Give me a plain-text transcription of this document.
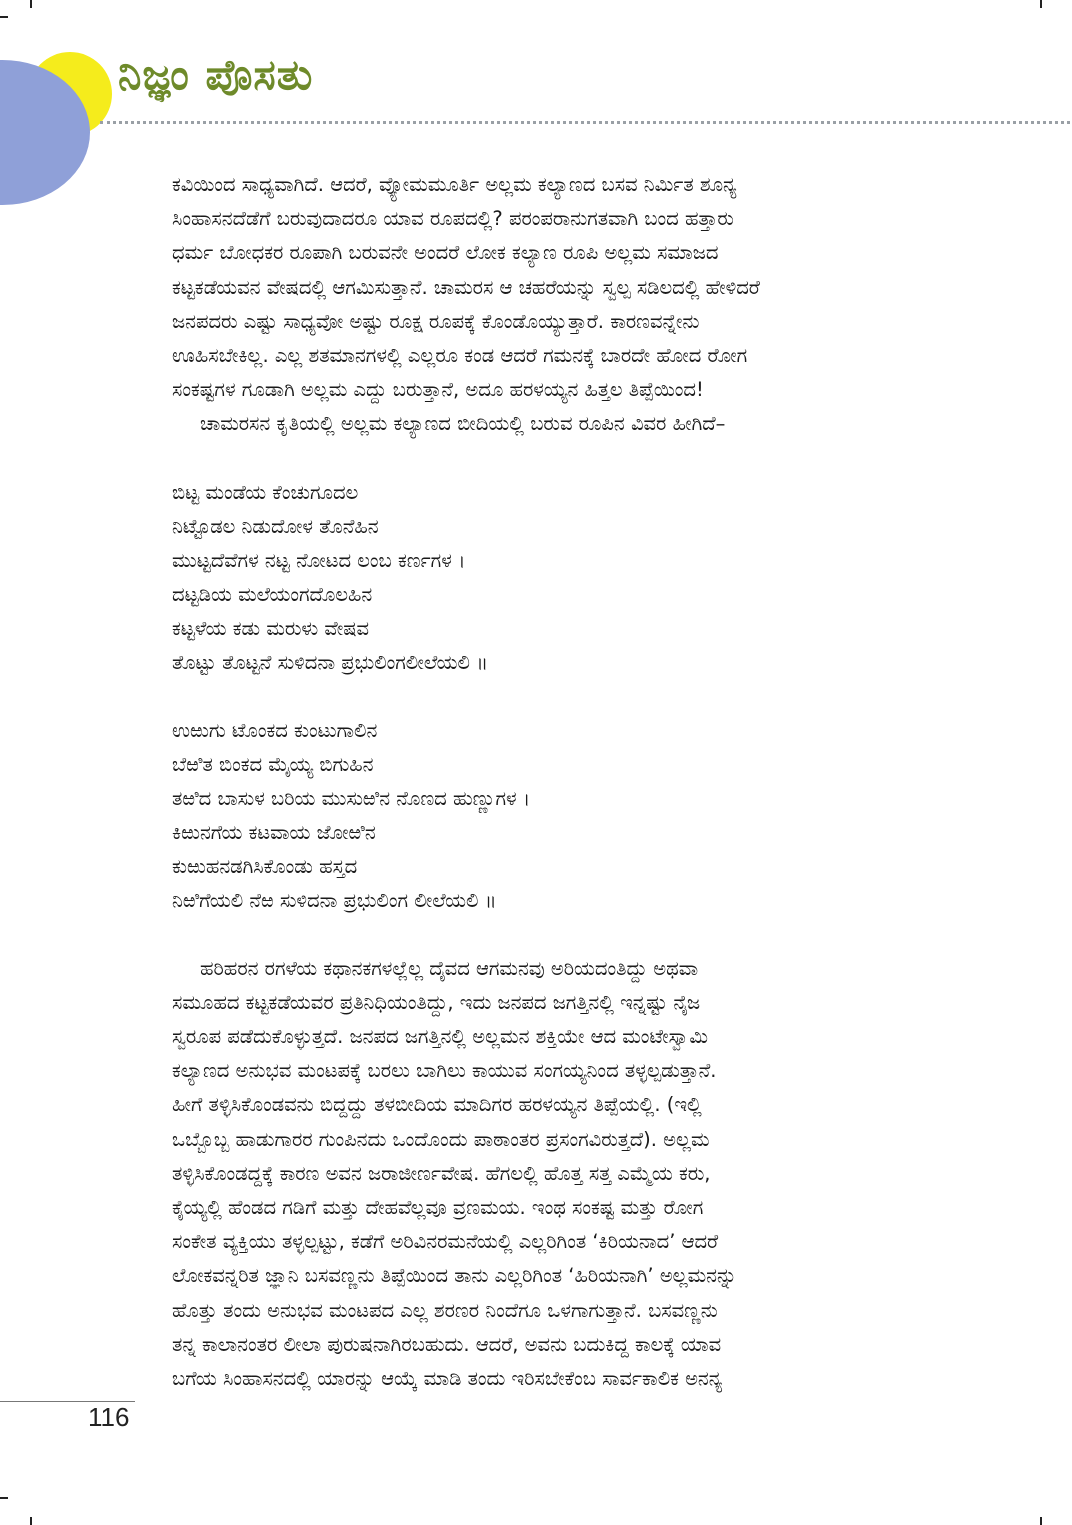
ನಿಜ್ಞಂ ಪೊಸತು

ಕವಿಯಿಂದ ಸಾಧ್ಯವಾಗಿದೆ. ಆದರೆ, ವ್ಯೋಮಮೂರ್ತಿ ಅಲ್ಲಮ ಕಲ್ಯಾಣದ ಬಸವ ನಿರ್ಮಿತ ಶೂನ್ಯ
ಸಿಂಹಾಸನದೆಡೆಗೆ ಬರುವುದಾದರೂ ಯಾವ ರೂಪದಲ್ಲಿ? ಪರಂಪರಾನುಗತವಾಗಿ ಬಂದ ಹತ್ತಾರು
ಧರ್ಮ ಬೋಧಕರ ರೂಪಾಗಿ ಬರುವನೇ ಅಂದರೆ ಲೋಕ ಕಲ್ಯಾಣ ರೂಪಿ ಅಲ್ಲಮ ಸಮಾಜದ
ಕಟ್ಟಕಡೆಯವನ ವೇಷದಲ್ಲಿ ಆಗಮಿಸುತ್ತಾನೆ. ಚಾಮರಸ ಆ ಚಹರೆಯನ್ನು ಸ್ವಲ್ಪ ಸಡಿಲದಲ್ಲಿ ಹೇಳಿದರೆ
ಜನಪದರು ಎಷ್ಟು ಸಾಧ್ಯವೋ ಅಷ್ಟು ರೂಕ್ಷ ರೂಪಕ್ಕೆ ಕೊಂಡೊಯ್ಯುತ್ತಾರೆ. ಕಾರಣವನ್ನೇನು
ಊಹಿಸಬೇಕಿಲ್ಲ. ಎಲ್ಲ ಶತಮಾನಗಳಲ್ಲಿ ಎಲ್ಲರೂ ಕಂಡ ಆದರೆ ಗಮನಕ್ಕೆ ಬಾರದೇ ಹೋದ ರೋಗ
ಸಂಕಷ್ಟಗಳ ಗೂಡಾಗಿ ಅಲ್ಲಮ ಎದ್ದು ಬರುತ್ತಾನೆ, ಅದೂ ಹರಳಯ್ಯನ ಹಿತ್ತಲ ತಿಪ್ಪೆಯಿಂದ!

ಚಾಮರಸನ ಕೃತಿಯಲ್ಲಿ ಅಲ್ಲಮ ಕಲ್ಯಾಣದ ಬೀದಿಯಲ್ಲಿ ಬರುವ ರೂಪಿನ ವಿವರ ಹೀಗಿದೆ–

ಬಿಟ್ಟ ಮಂಡೆಯ ಕೆಂಚುಗೂದಲ
ನಿಟ್ಟೊಡಲ ನಿಡುದೋಳ ತೊನೆಹಿನ
ಮುಟ್ಟದೆವೆಗಳ ನಟ್ಟ ನೋಟದ ಲಂಬ ಕರ್ಣಗಳ ।
ದಟ್ಟಡಿಯ ಮಲೆಯಂಗದೊಲಹಿನ
ಕಟ್ಟಳೆಯ ಕಡು ಮರುಳು ವೇಷವ
ತೊಟ್ಟು ತೊಟ್ಟನೆ ಸುಳಿದನಾ ಪ್ರಭುಲಿಂಗಲೀಲೆಯಲಿ ॥
ಉಱುಗು ಟೊಂಕದ ಕುಂಟುಗಾಲಿನ
ಬೆಱಿತ ಬಿಂಕದ ಮೈಯ್ಯ ಬಿಗುಹಿನ
ತಱಿದ ಬಾಸುಳ ಬರಿಯ ಮುಸುಱಿನ ನೊಣದ ಹುಣ್ಣುಗಳ ।
ಕಿಱುನಗೆಯ ಕಟವಾಯ ಜೋಱಿನ
ಕುಱುಹನಡಗಿಸಿಕೊಂಡು ಹಸ್ತದ
ನಿಱಿಗೆಯಲಿ ನೆಱ ಸುಳಿದನಾ ಪ್ರಭುಲಿಂಗ ಲೀಲೆಯಲಿ ॥

ಹರಿಹರನ ರಗಳೆಯ ಕಥಾನಕಗಳಲ್ಲೆಲ್ಲ ದೈವದ ಆಗಮನವು ಅರಿಯದಂತಿದ್ದು ಅಥವಾ
ಸಮೂಹದ ಕಟ್ಟಕಡೆಯವರ ಪ್ರತಿನಿಧಿಯಂತಿದ್ದು, ಇದು ಜನಪದ ಜಗತ್ತಿನಲ್ಲಿ ಇನ್ನಷ್ಟು ನೈಜ
ಸ್ವರೂಪ ಪಡೆದುಕೊಳ್ಳುತ್ತದೆ. ಜನಪದ ಜಗತ್ತಿನಲ್ಲಿ ಅಲ್ಲಮನ ಶಕ್ತಿಯೇ ಆದ ಮಂಟೇಸ್ವಾಮಿ
ಕಲ್ಯಾಣದ ಅನುಭವ ಮಂಟಪಕ್ಕೆ ಬರಲು ಬಾಗಿಲು ಕಾಯುವ ಸಂಗಯ್ಯನಿಂದ ತಳ್ಳಲ್ಪಡುತ್ತಾನೆ.
ಹೀಗೆ ತಳ್ಳಿಸಿಕೊಂಡವನು ಬಿದ್ದದ್ದು ತಳಬೀದಿಯ ಮಾದಿಗರ ಹರಳಯ್ಯನ ತಿಪ್ಪೆಯಲ್ಲಿ. (ಇಲ್ಲಿ
ಒಬ್ಬೊಬ್ಬ ಹಾಡುಗಾರರ ಗುಂಪಿನದು ಒಂದೊಂದು ಪಾಠಾಂತರ ಪ್ರಸಂಗವಿರುತ್ತದೆ). ಅಲ್ಲಮ
ತಳ್ಳಿಸಿಕೊಂಡದ್ದಕ್ಕೆ ಕಾರಣ ಅವನ ಜರಾಜೀರ್ಣವೇಷ. ಹೆಗಲಲ್ಲಿ ಹೊತ್ತ ಸತ್ತ ಎಮ್ಮೆಯ ಕರು,
ಕೈಯ್ಯಲ್ಲಿ ಹೆಂಡದ ಗಡಿಗೆ ಮತ್ತು ದೇಹವೆಲ್ಲವೂ ವ್ರಣಮಯ. ಇಂಥ ಸಂಕಷ್ಟ ಮತ್ತು ರೋಗ
ಸಂಕೇತ ವ್ಯಕ್ತಿಯು ತಳ್ಳಲ್ಪಟ್ಟು, ಕಡೆಗೆ ಅರಿವಿನರಮನೆಯಲ್ಲಿ ಎಲ್ಲರಿಗಿಂತ ‘ಕಿರಿಯನಾದ’ ಆದರೆ
ಲೋಕವನ್ನರಿತ ಜ್ಞಾನಿ ಬಸವಣ್ಣನು ತಿಪ್ಪೆಯಿಂದ ತಾನು ಎಲ್ಲರಿಗಿಂತ ‘ಹಿರಿಯನಾಗಿ’ ಅಲ್ಲಮನನ್ನು
ಹೊತ್ತು ತಂದು ಅನುಭವ ಮಂಟಪದ ಎಲ್ಲ ಶರಣರ ನಿಂದೆಗೂ ಒಳಗಾಗುತ್ತಾನೆ. ಬಸವಣ್ಣನು
ತನ್ನ ಕಾಲಾನಂತರ ಲೀಲಾ ಪುರುಷನಾಗಿರಬಹುದು. ಆದರೆ, ಅವನು ಬದುಕಿದ್ದ ಕಾಲಕ್ಕೆ ಯಾವ
ಬಗೆಯ ಸಿಂಹಾಸನದಲ್ಲಿ ಯಾರನ್ನು ಆಯ್ಕೆ ಮಾಡಿ ತಂದು ಇರಿಸಬೇಕೆಂಬ ಸಾರ್ವಕಾಲಿಕ ಅನನ್ಯ

116
